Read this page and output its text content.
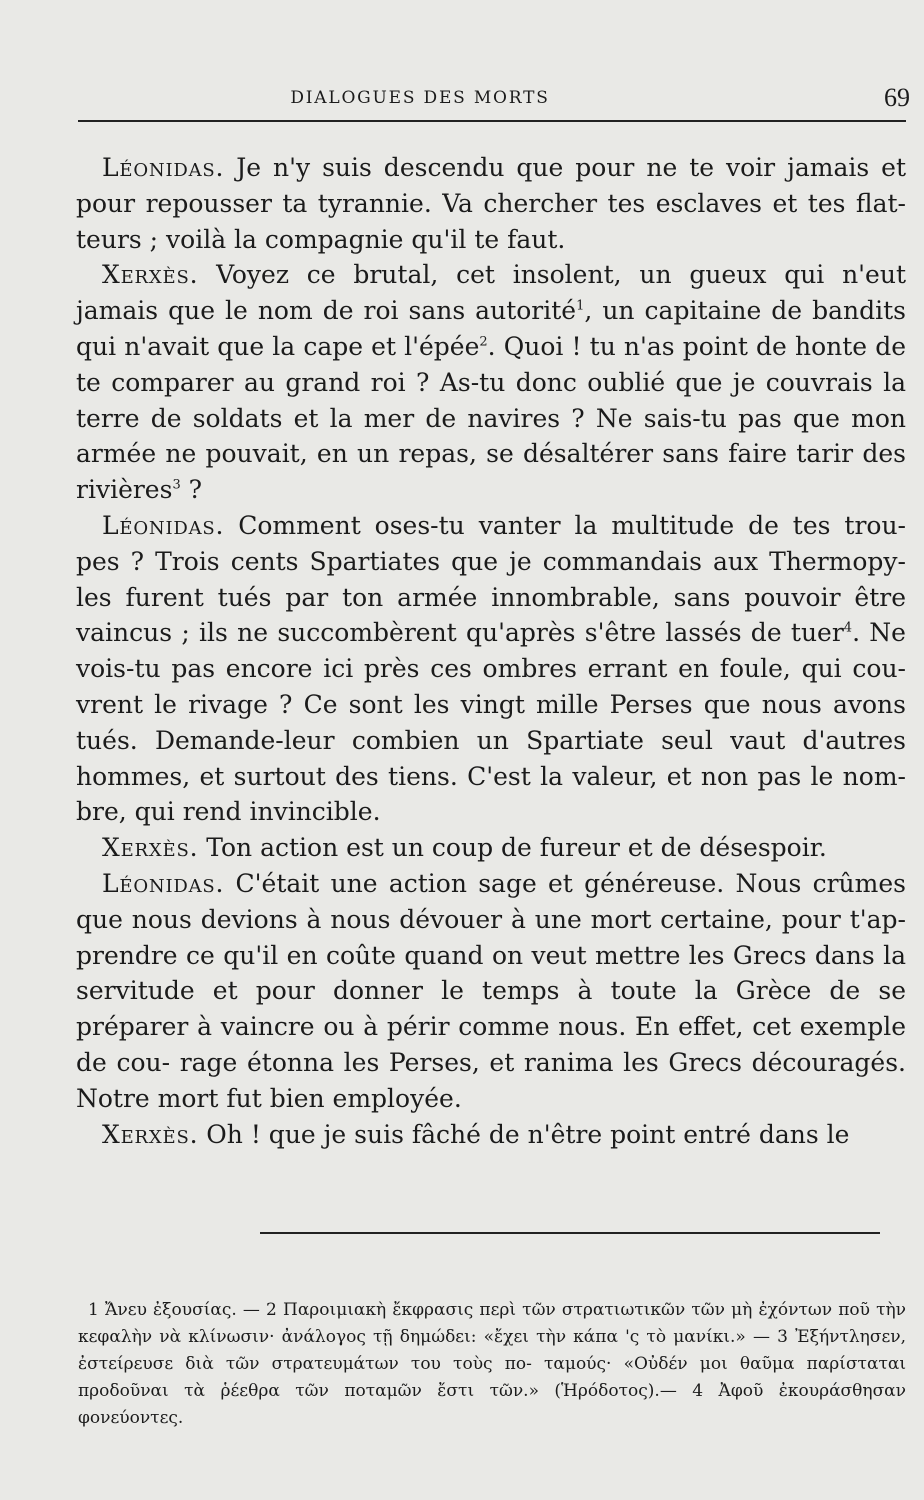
DIALOGUES DES MORTS	69

Léonidas. Je n'y suis descendu que pour ne te voir jamais et pour repousser ta tyrannie. Va chercher tes esclaves et tes flat- teurs ; voilà la compagnie qu'il te faut.

Xerxès. Voyez ce brutal, cet insolent, un gueux qui n'eut jamais que le nom de roi sans autorité$^1$, un capitaine de bandits qui n'avait que la cape et l'épée$^2$. Quoi ! tu n'as point de honte de te comparer au grand roi ? As-tu donc oublié que je couvrais la terre de soldats et la mer de navires ? Ne sais-tu pas que mon armée ne pouvait, en un repas, se désaltérer sans faire tarir des rivières$^3$ ?

Léonidas. Comment oses-tu vanter la multitude de tes trou- pes ? Trois cents Spartiates que je commandais aux Thermopy- les furent tués par ton armée innombrable, sans pouvoir être vaincus ; ils ne succombèrent qu'après s'être lassés de tuer$^4$. Ne vois-tu pas encore ici près ces ombres errant en foule, qui cou- vrent le rivage ? Ce sont les vingt mille Perses que nous avons tués. Demande-leur combien un Spartiate seul vaut d'autres hommes, et surtout des tiens. C'est la valeur, et non pas le nom- bre, qui rend invincible.

Xerxès. Ton action est un coup de fureur et de désespoir.

Léonidas. C'était une action sage et généreuse. Nous crûmes que nous devions à nous dévouer à une mort certaine, pour t'ap- prendre ce qu'il en coûte quand on veut mettre les Grecs dans la servitude et pour donner le temps à toute la Grèce de se préparer à vaincre ou à périr comme nous. En effet, cet exemple de cou- rage étonna les Perses, et ranima les Grecs découragés. Notre mort fut bien employée.

Xerxès. Oh ! que je suis fâché de n'être point entré dans le

1 Ἄνευ ἐξουσίας. — 2 Παροιμιακὴ ἔκφρασις περὶ τῶν στρατιωτικῶν τῶν μὴ ἐχόντων ποῦ τὴν κεφαλὴν νὰ κλίνωσιν· ἀνάλογος τῇ δημώδει: «ἔχει τὴν κάπα 'ς τὸ μανίκι.» — 3 Ἐξήντλησεν, ἐστείρευσε διὰ τῶν στρατευμάτων του τοὺς πο- ταμούς· «Οὐδέν μοι θαῦμα παρίσταται προδοῦναι τὰ ῥέεθρα τῶν ποταμῶν ἔστι τῶν.» (Ἡρόδοτος).— 4 Ἀφοῦ ἐκουράσθησαν φονεύοντες.
